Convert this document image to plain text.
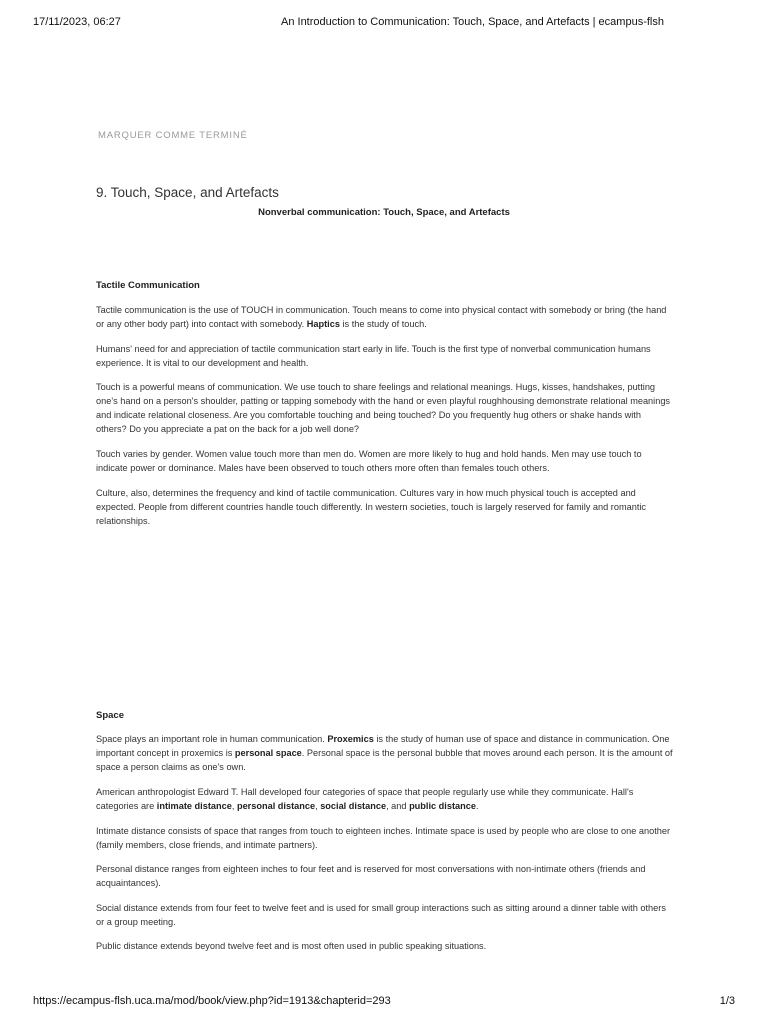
17/11/2023, 06:27	An Introduction to Communication: Touch, Space, and Artefacts | ecampus-flsh
MARQUER COMME TERMINÉ
9. Touch, Space, and Artefacts
Nonverbal communication: Touch, Space, and Artefacts
Tactile Communication

Tactile communication is the use of TOUCH in communication. Touch means to come into physical contact with somebody or bring (the hand or any other body part) into contact with somebody. Haptics is the study of touch.

Humans' need for and appreciation of tactile communication start early in life. Touch is the first type of nonverbal communication humans experience. It is vital to our development and health.

Touch is a powerful means of communication. We use touch to share feelings and relational meanings. Hugs, kisses, handshakes, putting one's hand on a person's shoulder, patting or tapping somebody with the hand or even playful roughhousing demonstrate relational meanings and indicate relational closeness. Are you comfortable touching and being touched? Do you frequently hug others or shake hands with others? Do you appreciate a pat on the back for a job well done?

Touch varies by gender. Women value touch more than men do. Women are more likely to hug and hold hands. Men may use touch to indicate power or dominance. Males have been observed to touch others more often than females touch others.

Culture, also, determines the frequency and kind of tactile communication. Cultures vary in how much physical touch is accepted and expected. People from different countries handle touch differently. In western societies, touch is largely reserved for family and romantic relationships.

Space

Space plays an important role in human communication. Proxemics is the study of human use of space and distance in communication. One important concept in proxemics is personal space. Personal space is the personal bubble that moves around each person. It is the amount of space a person claims as one's own.

American anthropologist Edward T. Hall developed four categories of space that people regularly use while they communicate. Hall's categories are intimate distance, personal distance, social distance, and public distance.

Intimate distance consists of space that ranges from touch to eighteen inches. Intimate space is used by people who are close to one another (family members, close friends, and intimate partners).

Personal distance ranges from eighteen inches to four feet and is reserved for most conversations with non-intimate others (friends and acquaintances).

Social distance extends from four feet to twelve feet and is used for small group interactions such as sitting around a dinner table with others or a group meeting.

Public distance extends beyond twelve feet and is most often used in public speaking situations.

https://ecampus-flsh.uca.ma/mod/book/view.php?id=1913&chapterid=293	1/3
